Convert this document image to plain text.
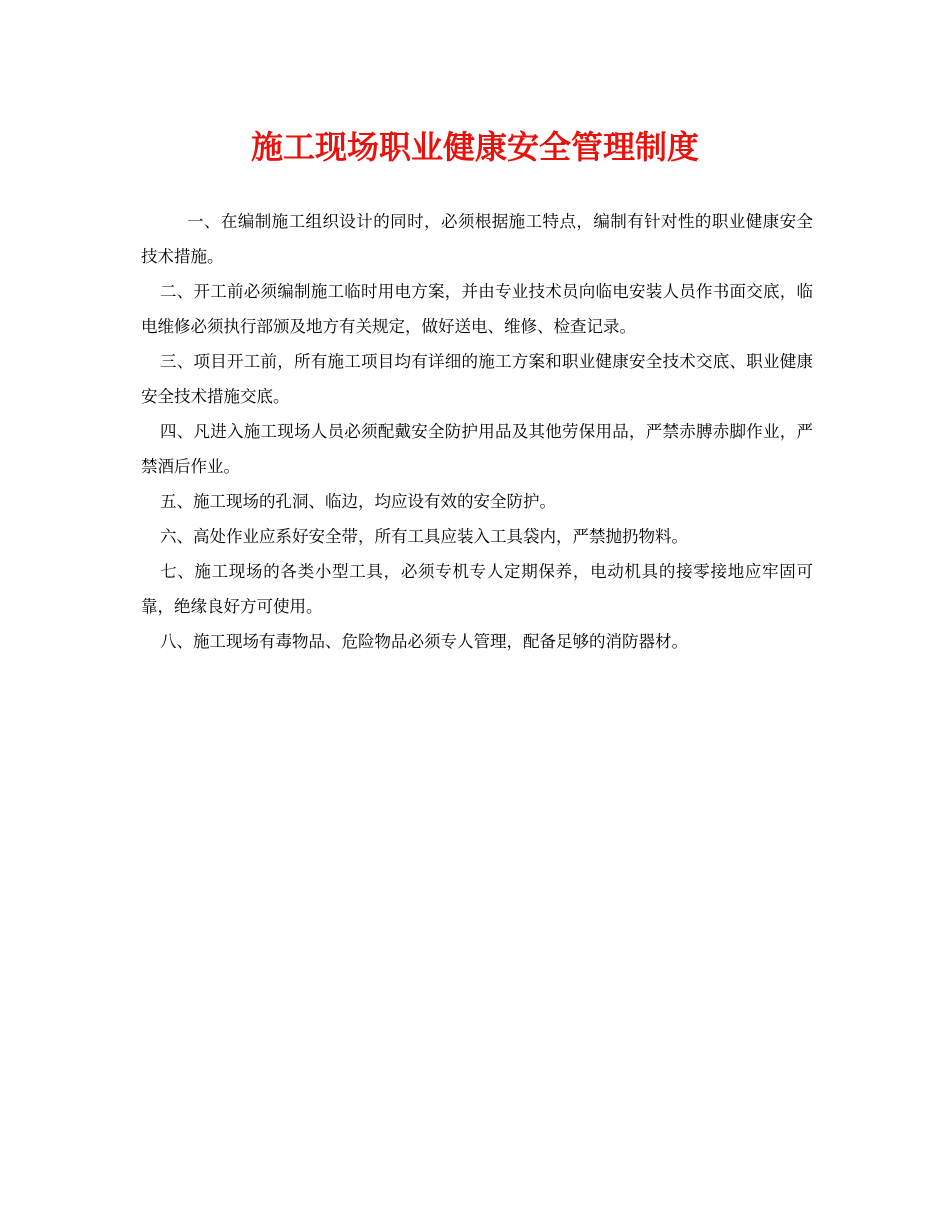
施工现场职业健康安全管理制度

一、在编制施工组织设计的同时，必须根据施工特点，编制有针对性的职业健康安全技术措施。

二、开工前必须编制施工临时用电方案，并由专业技术员向临电安装人员作书面交底，临电维修必须执行部颁及地方有关规定，做好送电、维修、检查记录。

三、项目开工前，所有施工项目均有详细的施工方案和职业健康安全技术交底、职业健康安全技术措施交底。

四、凡进入施工现场人员必须配戴安全防护用品及其他劳保用品，严禁赤膊赤脚作业，严禁酒后作业。

五、施工现场的孔洞、临边，均应设有效的安全防护。

六、高处作业应系好安全带，所有工具应装入工具袋内，严禁抛扔物料。

七、施工现场的各类小型工具，必须专机专人定期保养，电动机具的接零接地应牢固可靠，绝缘良好方可使用。

八、施工现场有毒物品、危险物品必须专人管理，配备足够的消防器材。
